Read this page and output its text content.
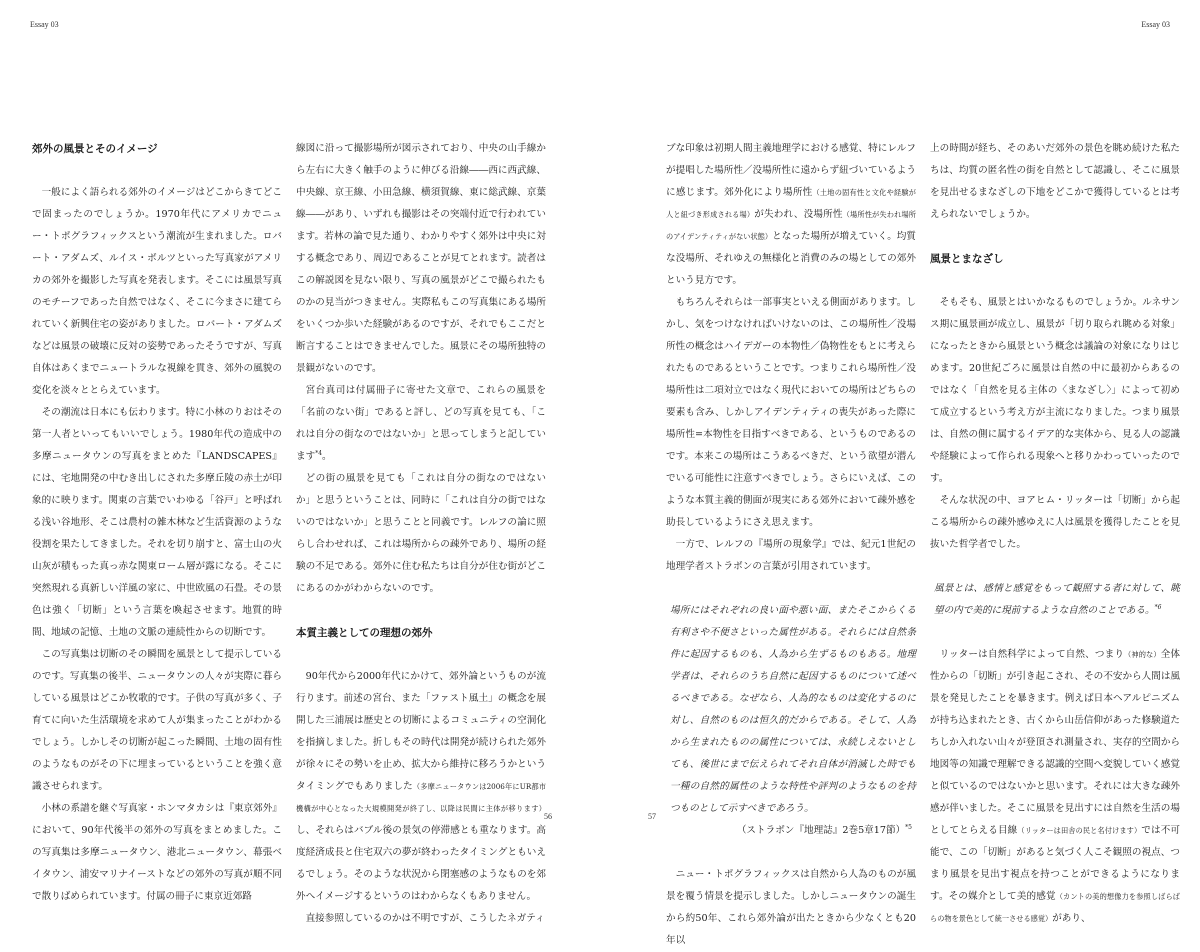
Essay 03	Essay 03
郊外の風景とそのイメージ

一般によく語られる郊外のイメージはどこからきてどこで固まったのでしょうか。1970年代にアメリカでニュー・トポグラフィックスという潮流が生まれました。ロバート・アダムズ、ルイス・ボルツといった写真家がアメリカの郊外を撮影した写真を発表します。そこには風景写真のモチーフであった自然ではなく、そこに今まさに建てられていく新興住宅の姿がありました。ロバート・アダムズなどは風景の破壊に反対の姿勢であったそうですが、写真自体はあくまでニュートラルな視線を貫き、郊外の風貌の変化を淡々ととらえています。

その潮流は日本にも伝わります。特に小林のりおはその第一人者といってもいいでしょう。1980年代の造成中の多摩ニュータウンの写真をまとめた『LANDSCAPES』には、宅地開発の中むき出しにされた多摩丘陵の赤土が印象的に映ります。関東の言葉でいわゆる「谷戸」と呼ばれる浅い谷地形、そこは農村の雑木林など生活資源のような役割を果たしてきました。それを切り崩すと、富士山の火山灰が積もった真っ赤な関東ローム層が露になる。そこに突然現れる真新しい洋風の家に、中世欧風の石畳。その景色は強く「切断」という言葉を喚起させます。地質的時間、地域の記憶、土地の文脈の連続性からの切断です。

この写真集は切断のその瞬間を風景として提示しているのです。写真集の後半、ニュータウンの人々が実際に暮らしている風景はどこか牧歌的です。子供の写真が多く、子育てに向いた生活環境を求めて人が集まったことがわかるでしょう。しかしその切断が起こった瞬間、土地の固有性のようなものがその下に埋まっているということを強く意識させられます。

小林の系譜を継ぐ写真家・ホンマタカシは『東京郊外』において、90年代後半の郊外の写真をまとめました。この写真集は多摩ニュータウン、港北ニュータウン、幕張ベイタウン、浦安マリナイーストなどの郊外の写真が順不同で散りばめられています。付属の冊子に東京近郊路

線図に沿って撮影場所が図示されており、中央の山手線から左右に大きく触手のように伸びる沿線――西に西武線、中央線、京王線、小田急線、横須賀線、東に総武線、京葉線――があり、いずれも撮影はその突端付近で行われています。若林の論で見た通り、わかりやすく郊外は中央に対する概念であり、周辺であることが見てとれます。読者はこの解説図を見ない限り、写真の風景がどこで撮られたものかの見当がつきません。実際私もこの写真集にある場所をいくつか歩いた経験があるのですが、それでもここだと断言することはできませんでした。風景にその場所独特の景観がないのです。

宮台真司は付属冊子に寄せた文章で、これらの風景を「名前のない街」であると評し、どの写真を見ても、「これは自分の街なのではないか」と思ってしまうと記しています$^{*4}$。

どの街の風景を見ても「これは自分の街なのではないか」と思うということは、同時に「これは自分の街ではないのではないか」と思うことと同義です。レルフの論に照らし合わせれば、これは場所からの疎外であり、場所の経験の不足である。郊外に住む私たちは自分が住む街がどこにあるのかがわからないのです。

本質主義としての理想の郊外

90年代から2000年代にかけて、郊外論というものが流行ります。前述の宮台、また「ファスト風土」の概念を展開した三浦展は歴史との切断によるコミュニティの空洞化を指摘しました。折しもその時代は開発が続けられた郊外が徐々にその勢いを止め、拡大から維持に移ろうかというタイミングでもありました（多摩ニュータウンは2006年にUR都市機構が中心となった大規模開発が終了し、以降は民間に主体が移ります）し、それらはバブル後の景気の停滞感とも重なります。高度経済成長と住宅双六の夢が終わったタイミングともいえるでしょう。そのような状況から閉塞感のようなものを郊外へイメージするというのはわからなくもありません。

直接参照しているのかは不明ですが、こうしたネガティ

56	57

ブな印象は初期人間主義地理学における感覚、特にレルフが提唱した場所性／没場所性に遠からず紐づいているように感じます。郊外化により場所性（土地の固有性と文化や経験が人と紐づき形成される場）が失われ、没場所性（場所性が失われ場所のアイデンティティがない状態）となった場所が増えていく。均質な没場所、それゆえの無様化と消費のみの場としての郊外という見方です。

もちろんそれらは一部事実といえる側面があります。しかし、気をつけなければいけないのは、この場所性／没場所性の概念はハイデガーの本物性／偽物性をもとに考えられたものであるということです。つまりこれら場所性／没場所性は二項対立ではなく現代においての場所はどちらの要素も含み、しかしアイデンティティの喪失があった際に場所性=本物性を目指すべきである、というものであるのです。本来この場所はこうあるべきだ、という欲望が潜んでいる可能性に注意すべきでしょう。さらにいえば、このような本質主義的側面が現実にある郊外において疎外感を助長しているようにさえ思えます。

一方で、レルフの『場所の現象学』では、紀元1世紀の地理学者ストラボンの言葉が引用されています。

場所にはそれぞれの良い面や悪い面、またそこからくる有利さや不便さといった属性がある。それらには自然条件に起因するものも、人為から生ずるものもある。地理学者は、それらのうち自然に起因するものについて述べるべきである。なぜなら、人為的なものは変化するのに対し、自然のものは恒久的だからである。そして、人為から生まれたものの属性については、永続しえないとしても、後世にまで伝えられてそれ自体が消滅した時でも一種の自然的属性のような特性や評判のようなものを持つものとして示すべきであろう。
（ストラボン『地理誌』2巻5章17節）$^{*5}$

ニュー・トポグラフィックスは自然から人為のものが風景を覆う情景を提示しました。しかしニュータウンの誕生から約50年、これら郊外論が出たときから少なくとも20年以

上の時間が経ち、そのあいだ郊外の景色を眺め続けた私たちは、均質の匿名性の街を自然として認識し、そこに風景を見出せるまなざしの下地をどこかで獲得しているとは考えられないでしょうか。

風景とまなざし

そもそも、風景とはいかなるものでしょうか。ルネサンス期に風景画が成立し、風景が「切り取られ眺める対象」になったときから風景という概念は議論の対象になりはじめます。20世紀ごろに風景は自然の中に最初からあるのではなく「自然を見る主体の〈まなざし〉」によって初めて成立するという考え方が主流になりました。つまり風景は、自然の側に属するイデア的な実体から、見る人の認識や経験によって作られる現象へと移りかわっていったのです。

そんな状況の中、ヨアヒム・リッターは「切断」から起こる場所からの疎外感ゆえに人は風景を獲得したことを見抜いた哲学者でした。

風景とは、感情と感覚をもって観照する者に対して、眺望の内で美的に現前するような自然のことである。$^{*6}$

リッターは自然科学によって自然、つまり（神的な）全体性からの「切断」が引き起こされ、その不安から人間は風景を発見したことを暴きます。例えば日本ヘアルピニズムが持ち込まれたとき、古くから山岳信仰があった修験道たちしか入れない山々が登頂され測量され、実存的空間から地図等の知識で理解できる認識的空間へ変貌していく感覚と似ているのではないかと思います。それには大きな疎外感が伴いました。そこに風景を見出すには自然を生活の場としてとらえる目線（リッターは田舎の民と名付けます）では不可能で、この「切断」があると気づく人こそ観照の視点、つまり風景を見出す視点を持つことができるようになります。その媒介として美的感覚（カントの美的想像力を参照しばらばらの物を景色として統一させる感覚）があり、
